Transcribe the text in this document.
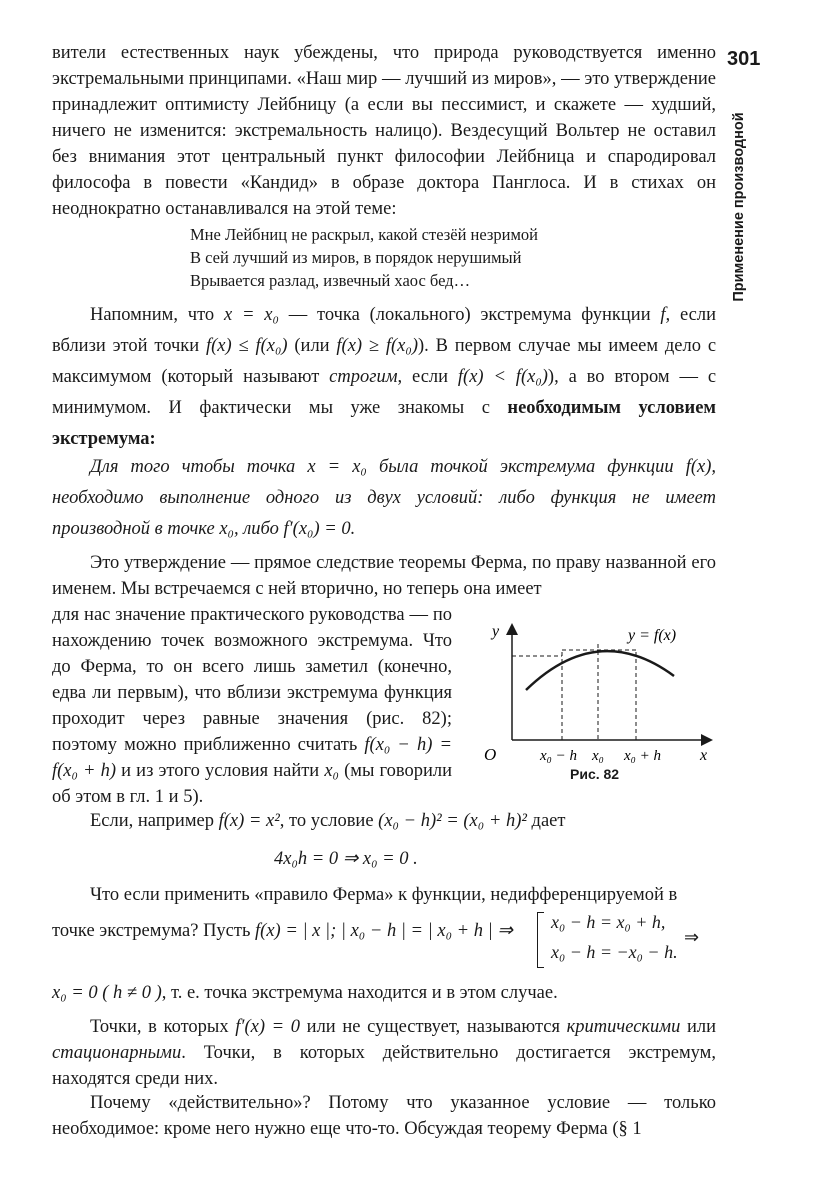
301
Применение производной

вители естественных наук убеждены, что природа руководствуется именно экстремальными принципами. «Наш мир — лучший из миров», — это утверждение принадлежит оптимисту Лейбницу (а если вы пессимист, и скажете — худший, ничего не изменится: экстремальность налицо). Вездесущий Вольтер не оставил без внимания этот центральный пункт философии Лейбница и спародировал философа в повести «Кандид» в образе доктора Панглоса. И в стихах он неоднократно останавливался на этой теме:

Мне Лейбниц не раскрыл, какой стезёй незримой
В сей лучший из миров, в порядок нерушимый
Врывается разлад, извечный хаос бед…

Напомним, что x = x₀ — точка (локального) экстремума функции f, если вблизи этой точки f(x) ≤ f(x₀) (или f(x) ≥ f(x₀)). В первом случае мы имеем дело с максимумом (который называют строгим, если f(x) < f(x₀)), а во втором — с минимумом. И фактически мы уже знакомы с необходимым условием экстремума:

Для того чтобы точка x = x₀ была точкой экстремума функции f(x), необходимо выполнение одного из двух условий: либо функция не имеет производной в точке x₀, либо f′(x₀) = 0.

Это утверждение — прямое следствие теоремы Ферма, по праву названной его именем. Мы встречаемся с ней вторично, но теперь она имеет

для нас значение практического руководства — по нахождению точек возможного экстремума. Что до Ферма, то он всего лишь заметил (конечно, едва ли первым), что вблизи экстремума функция проходит через равные значения (рис. 82); поэтому можно приближенно считать f(x₀ − h) = f(x₀ + h) и из этого условия найти x₀ (мы говорили об этом в гл. 1 и 5).

y	y = f(x)
O	x
x₀ − h x₀ x₀ + h
Рис. 82

Если, например f(x) = x², то условие (x₀ − h)² = (x₀ + h)² дает

4x₀h = 0 ⇒ x₀ = 0 .

Что если применить «правило Ферма» к функции, недифференцируемой в

точке экстремума? Пусть f(x) = | x |; | x₀ − h | = | x₀ + h | ⇒	x₀ − h = x₀ + h,
x₀ − h = −x₀ − h.
⇒

x₀ = 0 ( h ≠ 0 ), т. е. точка экстремума находится и в этом случае.

Точки, в которых f′(x) = 0 или не существует, называются критическими или стационарными. Точки, в которых действительно достигается экстремум, находятся среди них.

Почему «действительно»? Потому что указанное условие — только необходимое: кроме него нужно еще что-то. Обсуждая теорему Ферма (§ 1
